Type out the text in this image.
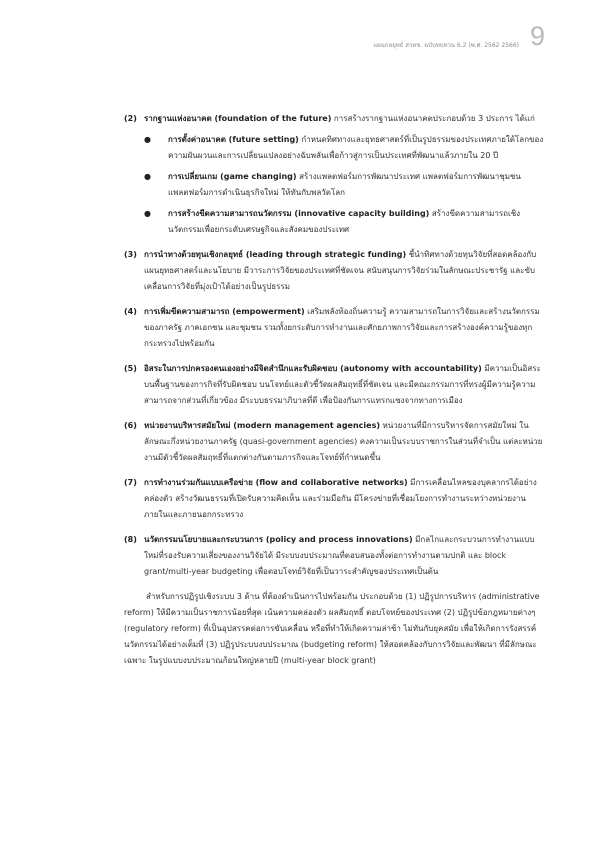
แผนกลยุทธ์ สวทช. ฉบับทบทวน 6.2 (พ.ศ. 2562 2566) 9
(2) รากฐานแห่งอนาคต (foundation of the future) การสร้างรากฐานแห่งอนาคตประกอบด้วย 3 ประการ ได้แก่
● การตั้งค่าอนาคต (future setting) กำหนดทิศทางและยุทธศาสตร์ที่เป็นรูปธรรมของประเทศภายใต้โลกของความผันผวนและการเปลี่ยนแปลงอย่างฉับพลันเพื่อก้าวสู่การเป็นประเทศที่พัฒนาแล้วภายใน 20 ปี
● การเปลี่ยนเกม (game changing) สร้างแพลตฟอร์มการพัฒนาประเทศ แพลตฟอร์มการพัฒนาชุมชน แพลตฟอร์มการดำเนินธุรกิจใหม่ ให้ทันกับพลวัตโลก
● การสร้างขีดความสามารถนวัตกรรม (innovative capacity building) สร้างขีดความสามารถเชิงนวัตกรรมเพื่อยกระดับเศรษฐกิจและสังคมของประเทศ
(3) การนำทางด้วยทุนเชิงกลยุทธ์ (leading through strategic funding) ชี้นำทิศทางด้วยทุนวิจัยที่สอดคล้องกับแผนยุทธศาสตร์และนโยบาย มีวาระการวิจัยของประเทศที่ชัดเจน สนับสนุนการวิจัยร่วมในลักษณะประชารัฐ และขับเคลื่อนการวิจัยที่มุ่งเป้าได้อย่างเป็นรูปธรรม
(4) การเพิ่มขีดความสามารถ (empowerment) เสริมพลังท้องถิ่นความรู้ ความสามารถในการวิจัยและสร้างนวัตกรรมของภาครัฐ ภาคเอกชน และชุมชน รวมทั้งยกระดับการทำงานและศักยภาพการวิจัยและการสร้างองค์ความรู้ของทุกกระทรวงไปพร้อมกัน
(5) อิสระในการปกครองตนเองอย่างมีจิตสำนึกและรับผิดชอบ (autonomy with accountability) มีความเป็นอิสระบนพื้นฐานของการกิจที่รับผิดชอบ บนโจทย์และตัวชี้วัดผลสัมฤทธิ์ที่ชัดเจน และมีคณะกรรมการที่ทรงผู้มีความรู้ความสามารถจากส่วนที่เกี่ยวข้อง มีระบบธรรมาภิบาลที่ดี เพื่อป้องกันการแทรกแซงจากทางการเมือง
(6) หน่วยงานบริหารสมัยใหม่ (modern management agencies) หน่วยงานที่มีการบริหารจัดการสมัยใหม่ ในลักษณะกึ่งหน่วยงานภาครัฐ (quasi-government agencies) คงความเป็นระบบราชการในส่วนที่จำเป็น แต่ละหน่วยงานมีตัวชี้วัดผลสัมฤทธิ์ที่แตกต่างกันตามภารกิจและโจทย์ที่กำหนดขึ้น
(7) การทำงานร่วมกันแบบเครือข่าย (flow and collaborative networks) มีการเคลื่อนไหลของบุคลากรได้อย่างคล่องตัว สร้างวัฒนธรรมที่เปิดรับความคิดเห็น และร่วมมือกัน มีโครงข่ายที่เชื่อมโยงการทำงานระหว่างหน่วยงานภายในและภายนอกกระทรวง
(8) นวัตกรรมนโยบายและกระบวนการ (policy and process innovations) มีกลไกและกระบวนการทำงานแบบใหม่ที่รองรับความเสี่ยงของงานวิจัยได้ มีระบบงบประมาณที่ตอบสนองทั้งต่อการทำงานตามปกติ และ block grant/multi-year budgeting เพื่อตอบโจทย์วิจัยที่เป็นวาระสำคัญของประเทศเป็นต้น

สำหรับการปฏิรูปเชิงระบบ 3 ด้าน ที่ต้องดำเนินการไปพร้อมกัน ประกอบด้วย (1) ปฏิรูปการบริหาร (administrative reform) ให้มีความเป็นราชการน้อยที่สุด เน้นความคล่องตัว ผลสัมฤทธิ์ ตอบโจทย์ของประเทศ (2) ปฏิรูปข้อกฎหมายต่างๆ (regulatory reform) ที่เป็นอุปสรรคต่อการขับเคลื่อน หรือที่ทำให้เกิดความล่าช้า ไม่ทันกับยุคสมัย เพื่อให้เกิดการรังสรรค์นวัตกรรมได้อย่างเต็มที่ (3) ปฏิรูประบบงบประมาณ (budgeting reform) ให้สอดคล้องกับการวิจัยและพัฒนา ที่มีลักษณะเฉพาะ ในรูปแบบงบประมาณก้อนใหญ่หลายปี (multi-year block grant)
